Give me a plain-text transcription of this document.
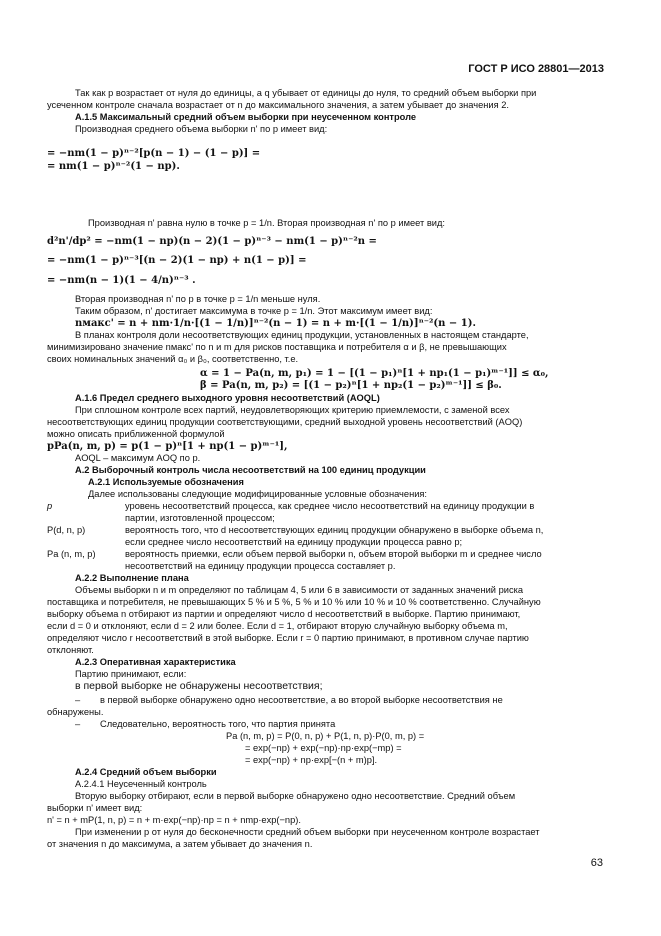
ГОСТ Р ИСО 28801—2013
Так как p возрастает от нуля до единицы, а q убывает от единицы до нуля, то средний объем выборки при
усеченном контроле сначала возрастает от n до максимального значения, а затем убывает до значения 2.
А.1.5 Максимальный средний объем выборки при неусеченном контроле
Производная среднего объема выборки n' по p имеет вид:
= −nm(1 − p)ⁿ⁻²[p(n − 1) − (1 − p)] =
= nm(1 − p)ⁿ⁻²(1 − np).
Производная n' равна нулю в точке p = 1/n. Вторая производная n' по p имеет вид:
d²n'/dp² = −nm(1 − np)(n − 2)(1 − p)ⁿ⁻³ − nm(1 − p)ⁿ⁻²n =
= −nm(1 − p)ⁿ⁻³[(n − 2)(1 − np) + n(1 − p)] =
= −nm(n − 1)(1 − 4/n)ⁿ⁻³ .
Вторая производная n' по p в точке p = 1/n меньше нуля.
Таким образом, n' достигает максимума в точке p = 1/n. Этот максимум имеет вид:
nмакс' = n + nm·1/n·[(1 − 1/n)]ⁿ⁻²(n − 1) = n + m·[(1 − 1/n)]ⁿ⁻²(n − 1).
В планах контроля доли несоответствующих единиц продукции, установленных в настоящем стандарте,
минимизировано значение nмакс' по n и m для рисков поставщика и потребителя α и β, не превышающих
своих номинальных значений α₀ и β₀, соответственно, т.е.
α = 1 − Pa(n, m, p₁) = 1 − [(1 − p₁)ⁿ[1 + np₁(1 − p₁)ᵐ⁻¹]] ≤ α₀,
β = Pa(n, m, p₂) = [(1 − p₂)ⁿ[1 + np₂(1 − p₂)ᵐ⁻¹]] ≤ β₀.
А.1.6 Предел среднего выходного уровня несоответствий (AOQL)
При сплошном контроле всех партий, неудовлетворяющих критерию приемлемости, с заменой всех
несоответствующих единиц продукции соответствующими, средний выходной уровень несоответствий (AOQ)
можно описать приближенной формулой
pPa(n, m, p) = p(1 − p)ⁿ[1 + np(1 − p)ᵐ⁻¹],
AOQL – максимум AOQ по p.
А.2 Выборочный контроль числа несоответствий на 100 единиц продукции
А.2.1 Используемые обозначения
Далее использованы следующие модифицированные условные обозначения:
p	уровень несоответствий процесса, как среднее число несоответствий на единицу продукции в
партии, изготовленной процессом;
P(d, n, p)	вероятность того, что d несоответствующих единиц продукции обнаружено в выборке объема n,
если среднее число несоответствий на единицу продукции процесса равно p;
Pa (n, m, p)	вероятность приемки, если объем первой выборки n, объем второй выборки m и среднее число
несоответствий на единицу продукции процесса составляет p.
А.2.2 Выполнение плана
Объемы выборки n и m определяют по таблицам 4, 5 или 6 в зависимости от заданных значений риска
поставщика и потребителя, не превышающих 5 % и 5 %, 5 % и 10 % или 10 % и 10 % соответственно. Случайную
выборку объема n отбирают из партии и определяют число d несоответствий в выборке. Партию принимают,
если d = 0 и отклоняют, если d = 2 или более. Если d = 1, отбирают вторую случайную выборку объема m,
определяют число r несоответствий в этой выборке. Если r = 0 партию принимают, в противном случае партию
отклоняют.
А.2.3 Оперативная характеристика
Партию принимают, если:
в первой выборке не обнаружены несоответствия;
– в первой выборке обнаружено одно несоответствие, а во второй выборке несоответствия не
обнаружены.
– Следовательно, вероятность того, что партия принята
Pa (n, m, p) = P(0, n, p) + P(1, n, p)·P(0, m, p) =
= exp(−np) + exp(−np)·np·exp(−mp) =
= exp(−np) + np·exp[−(n + m)p].
А.2.4 Средний объем выборки
А.2.4.1 Неусеченный контроль
Вторую выборку отбирают, если в первой выборке обнаружено одно несоответствие. Средний объем
выборки n' имеет вид:
n' = n + mP(1, n, p) = n + m·exp(−np)·np = n + nmp·exp(−np).
При изменении p от нуля до бесконечности средний объем выборки при неусеченном контроле возрастает
от значения n до максимума, а затем убывает до значения n.
63
